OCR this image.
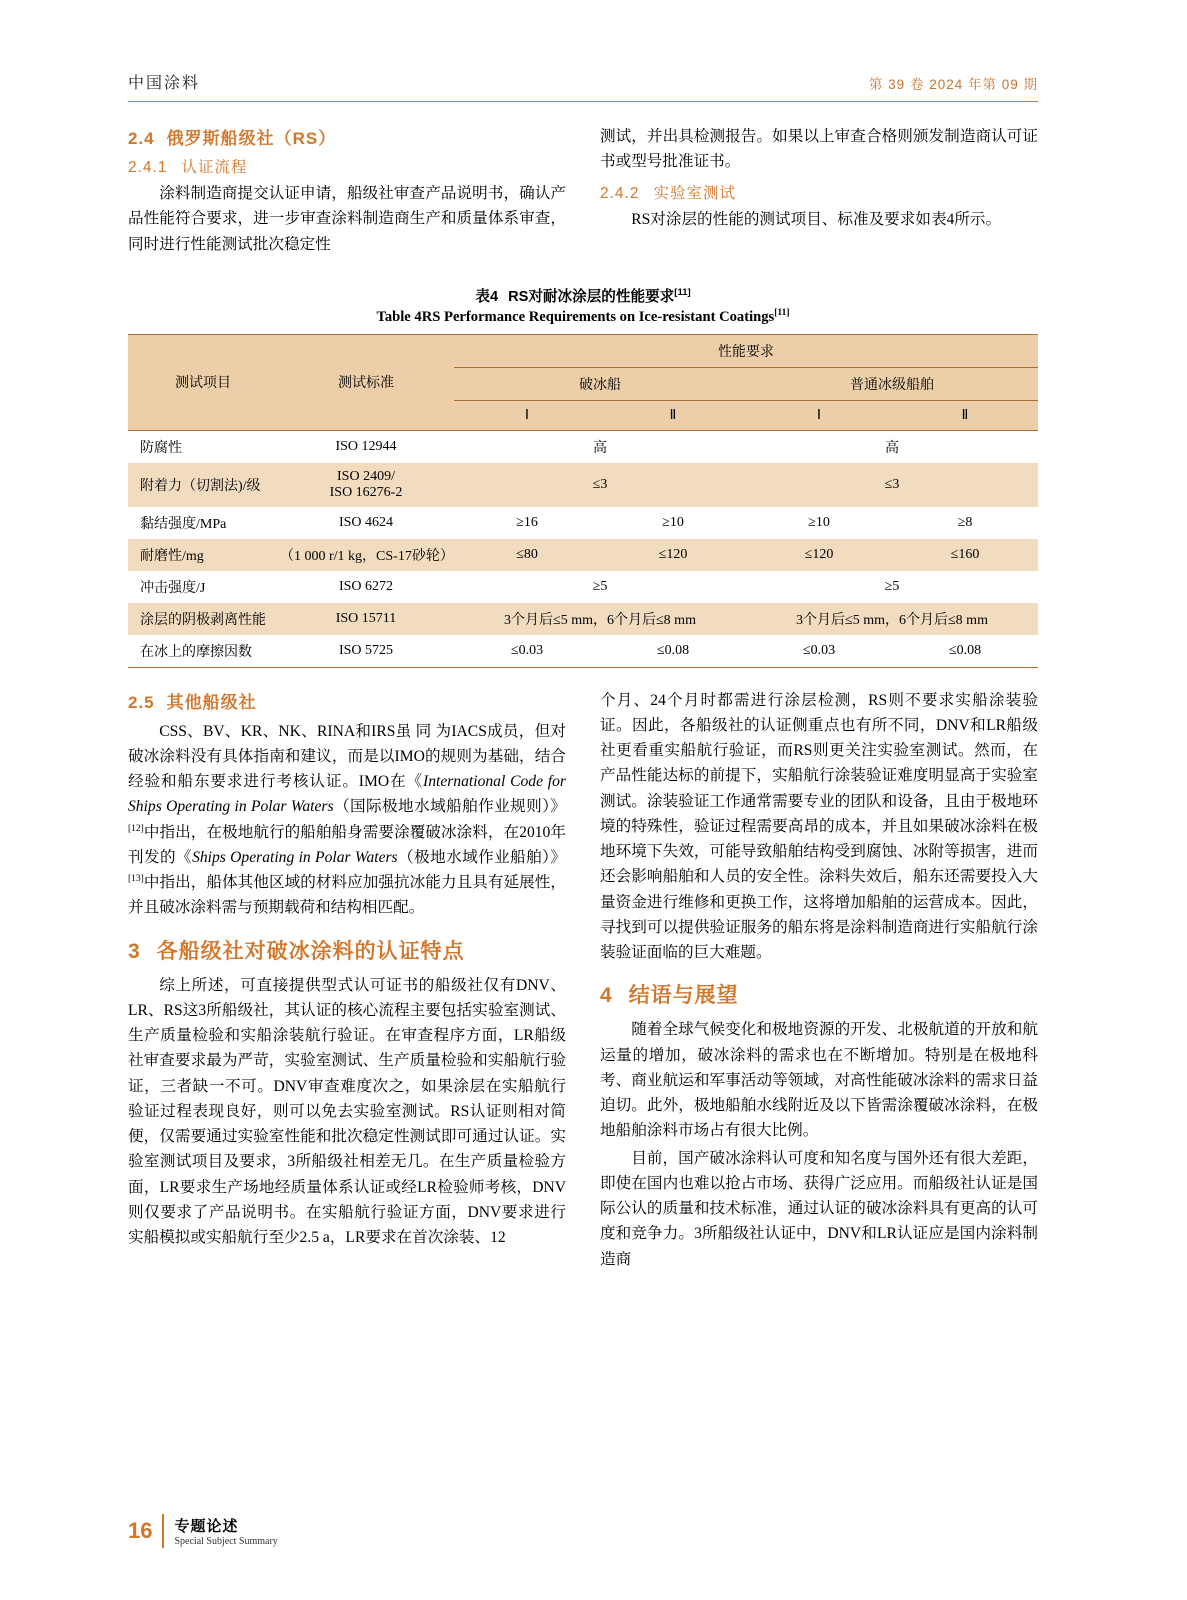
中国涂料	第 39 卷 2024 年第 09 期
2.4 俄罗斯船级社（RS）
2.4.1 认证流程

涂料制造商提交认证申请，船级社审查产品说明书，确认产品性能符合要求，进一步审查涂料制造商生产和质量体系审查，同时进行性能测试批次稳定性

测试，并出具检测报告。如果以上审查合格则颁发制造商认可证书或型号批准证书。

2.4.2 实验室测试

RS对涂层的性能的测试项目、标准及要求如表4所示。

表4 RS对耐冰涂层的性能要求[11]
Table 4RS Performance Requirements on Ice-resistant Coatings[11]
测试项目	测试标准	性能要求			
		破冰船		普通冰级船舶	
		Ⅰ	Ⅱ	Ⅰ	Ⅱ
防腐性	ISO 12944	高		高	
附着力（切割法)/级	ISO 2409/
ISO 16276-2	≤3		≤3	
黏结强度/MPa	ISO 4624	≥16	≥10	≥10	≥8
耐磨性/mg	（1 000 r/1 kg，CS-17砂轮）	≤80	≤120	≤120	≤160
冲击强度/J	ISO 6272	≥5		≥5	
涂层的阴极剥离性能	ISO 15711	3个月后≤5 mm，6个月后≤8 mm		3个月后≤5 mm，6个月后≤8 mm	
在冰上的摩擦因数	ISO 5725	≤0.03	≤0.08	≤0.03	≤0.08
2.5 其他船级社

CSS、BV、KR、NK、RINA和IRS虽 同 为IACS成员，但对破冰涂料没有具体指南和建议，而是以IMO的规则为基础，结合经验和船东要求进行考核认证。IMO在《International Code for Ships Operating in Polar Waters（国际极地水域船舶作业规则）》[12]中指出，在极地航行的船舶船身需要涂覆破冰涂料，在2010年刊发的《Ships Operating in Polar Waters（极地水域作业船舶）》[13]中指出，船体其他区域的材料应加强抗冰能力且具有延展性，并且破冰涂料需与预期载荷和结构相匹配。

3 各船级社对破冰涂料的认证特点

综上所述，可直接提供型式认可证书的船级社仅有DNV、LR、RS这3所船级社，其认证的核心流程主要包括实验室测试、生产质量检验和实船涂装航行验证。在审查程序方面，LR船级社审查要求最为严苛，实验室测试、生产质量检验和实船航行验证，三者缺一不可。DNV审查难度次之，如果涂层在实船航行验证过程表现良好，则可以免去实验室测试。RS认证则相对简便，仅需要通过实验室性能和批次稳定性测试即可通过认证。实验室测试项目及要求，3所船级社相差无几。在生产质量检验方面，LR要求生产场地经质量体系认证或经LR检验师考核，DNV则仅要求了产品说明书。在实船航行验证方面，DNV要求进行实船模拟或实船航行至少2.5 a，LR要求在首次涂装、12

个月、24个月时都需进行涂层检测，RS则不要求实船涂装验证。因此，各船级社的认证侧重点也有所不同，DNV和LR船级社更看重实船航行验证，而RS则更关注实验室测试。然而，在产品性能达标的前提下，实船航行涂装验证难度明显高于实验室测试。涂装验证工作通常需要专业的团队和设备，且由于极地环境的特殊性，验证过程需要高昂的成本，并且如果破冰涂料在极地环境下失效，可能导致船舶结构受到腐蚀、冰附等损害，进而还会影响船舶和人员的安全性。涂料失效后，船东还需要投入大量资金进行维修和更换工作，这将增加船舶的运营成本。因此，寻找到可以提供验证服务的船东将是涂料制造商进行实船航行涂装验证面临的巨大难题。

4 结语与展望

随着全球气候变化和极地资源的开发、北极航道的开放和航运量的增加，破冰涂料的需求也在不断增加。特别是在极地科考、商业航运和军事活动等领域，对高性能破冰涂料的需求日益迫切。此外，极地船舶水线附近及以下皆需涂覆破冰涂料，在极地船舶涂料市场占有很大比例。

目前，国产破冰涂料认可度和知名度与国外还有很大差距，即使在国内也难以抢占市场、获得广泛应用。而船级社认证是国际公认的质量和技术标准，通过认证的破冰涂料具有更高的认可度和竞争力。3所船级社认证中，DNV和LR认证应是国内涂料制造商

16 专题论述
Special Subject Summary
